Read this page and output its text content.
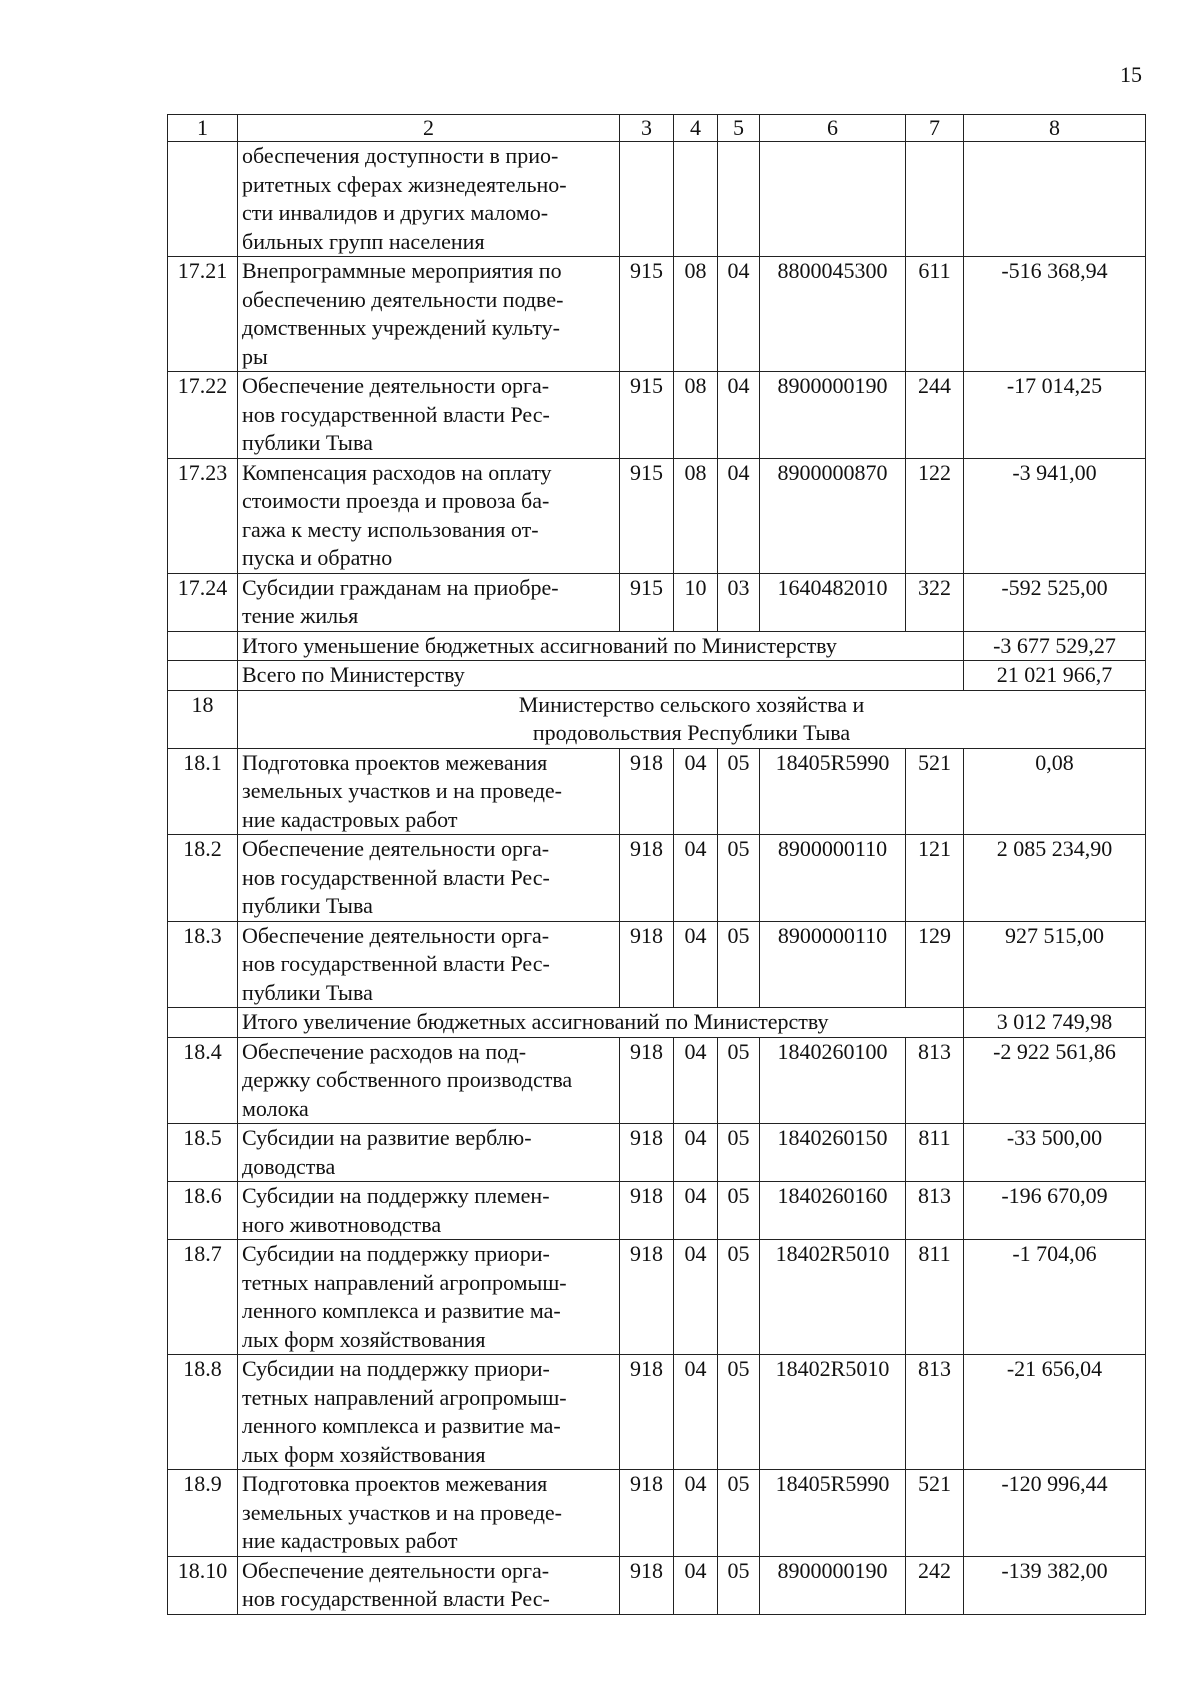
15
1	2	3	4	5	6	7	8
	обеспечения доступности в прио-
ритетных сферах жизнедеятельно-
сти инвалидов и других маломо-
бильных групп населения						
17.21	Внепрограммные мероприятия по
обеспечению деятельности подве-
домственных учреждений культу-
ры	915	08	04	8800045300	611	-516 368,94
17.22	Обеспечение деятельности орга-
нов государственной власти Рес-
публики Тыва	915	08	04	8900000190	244	-17 014,25
17.23	Компенсация расходов на оплату
стоимости проезда и провоза ба-
гажа к месту использования от-
пуска и обратно	915	08	04	8900000870	122	-3 941,00
17.24	Субсидии гражданам на приобре-
тение жилья	915	10	03	1640482010	322	-592 525,00
	Итого уменьшение бюджетных ассигнований по Министерству						-3 677 529,27
	Всего по Министерству						21 021 966,7
18	Министерство сельского хозяйства и
продовольствия Республики Тыва						
18.1	Подготовка проектов межевания
земельных участков и на проведе-
ние кадастровых работ	918	04	05	18405R5990	521	0,08
18.2	Обеспечение деятельности орга-
нов государственной власти Рес-
публики Тыва	918	04	05	8900000110	121	2 085 234,90
18.3	Обеспечение деятельности орга-
нов государственной власти Рес-
публики Тыва	918	04	05	8900000110	129	927 515,00
	Итого увеличение бюджетных ассигнований по Министерству						3 012 749,98
18.4	Обеспечение расходов на под-
держку собственного производства
молока	918	04	05	1840260100	813	-2 922 561,86
18.5	Субсидии на развитие верблю-
доводства	918	04	05	1840260150	811	-33 500,00
18.6	Субсидии на поддержку племен-
ного животноводства	918	04	05	1840260160	813	-196 670,09
18.7	Субсидии на поддержку приори-
тетных направлений агропромыш-
ленного комплекса и развитие ма-
лых форм хозяйствования	918	04	05	18402R5010	811	-1 704,06
18.8	Субсидии на поддержку приори-
тетных направлений агропромыш-
ленного комплекса и развитие ма-
лых форм хозяйствования	918	04	05	18402R5010	813	-21 656,04
18.9	Подготовка проектов межевания
земельных участков и на проведе-
ние кадастровых работ	918	04	05	18405R5990	521	-120 996,44
18.10	Обеспечение деятельности орга-
нов государственной власти Рес-	918	04	05	8900000190	242	-139 382,00
